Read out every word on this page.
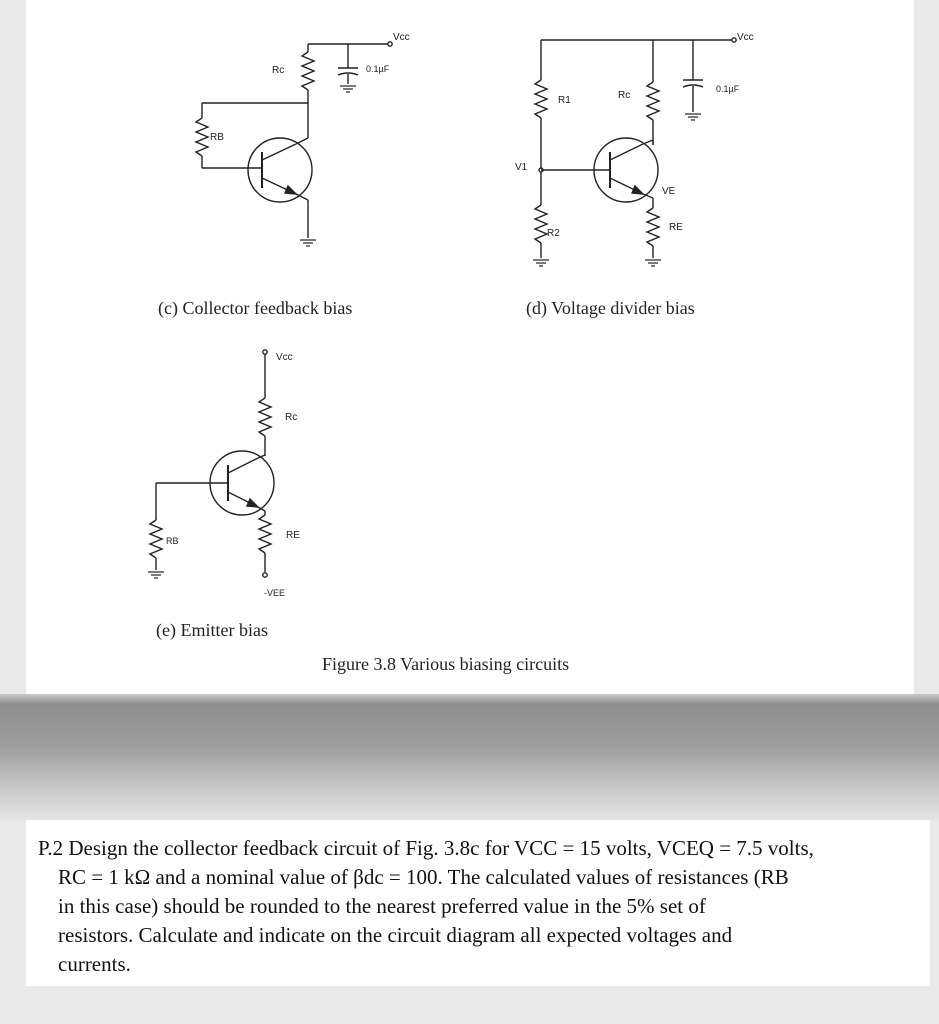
Vcc
Rc	0.1µF
RB
(c) Collector feedback bias
Vcc
R1	Rc
0.1µF
V1
VE
RE
R2
(d) Voltage divider bias
Vcc
Rc
RE
RB
-VEE
(e) Emitter bias
Figure 3.8 Various biasing circuits
P.2 Design the collector feedback circuit of Fig. 3.8c for VCC = 15 volts, VCEQ = 7.5 volts,
RC = 1 kΩ and a nominal value of βdc = 100. The calculated values of resistances (RB
in this case) should be rounded to the nearest preferred value in the 5% set of
resistors. Calculate and indicate on the circuit diagram all expected voltages and
currents.
